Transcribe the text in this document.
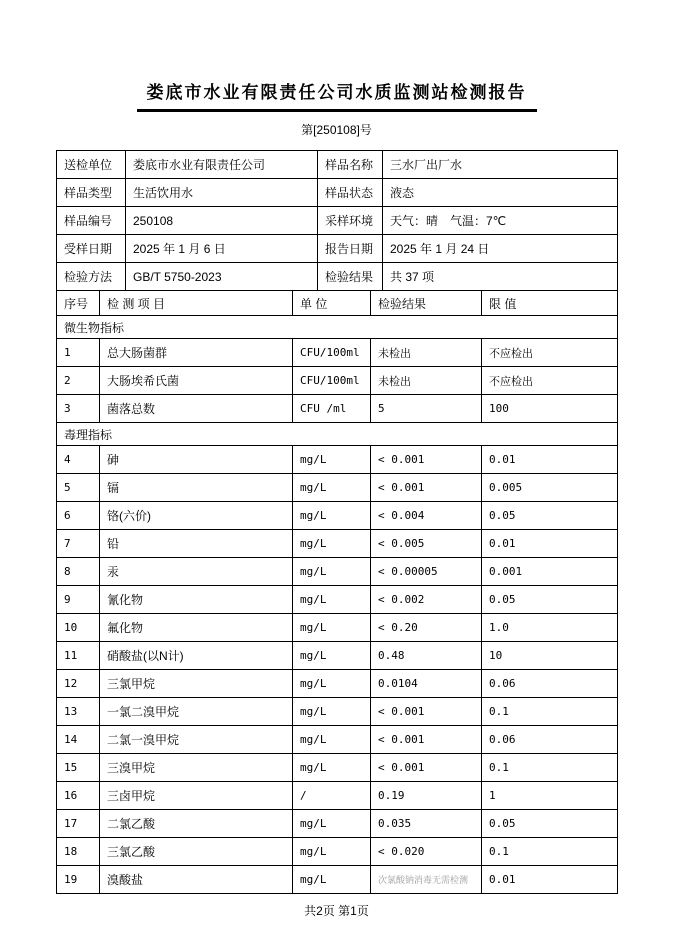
娄底市水业有限责任公司水质监测站检测报告
第[250108]号
送检单位	娄底市水业有限责任公司	样品名称	三水厂出厂水
样品类型	生活饮用水	样品状态	液态
样品编号	250108	采样环境	天气：晴　气温：7℃
受样日期	2025 年 1 月 6 日	报告日期	2025 年 1 月 24 日
检验方法	GB/T 5750-2023	检验结果	共 37 项
序号	检 测 项 目	单 位	检验结果	限 值
微生物指标				
1	总大肠菌群	CFU/100ml	未检出	不应检出
2	大肠埃希氏菌	CFU/100ml	未检出	不应检出
3	菌落总数	CFU /ml	5	100
毒理指标				
4	砷	mg/L	< 0.001	0.01
5	镉	mg/L	< 0.001	0.005
6	铬(六价)	mg/L	< 0.004	0.05
7	铅	mg/L	< 0.005	0.01
8	汞	mg/L	< 0.00005	0.001
9	氰化物	mg/L	< 0.002	0.05
10	氟化物	mg/L	< 0.20	1.0
11	硝酸盐(以N计)	mg/L	0.48	10
12	三氯甲烷	mg/L	0.0104	0.06
13	一氯二溴甲烷	mg/L	< 0.001	0.1
14	二氯一溴甲烷	mg/L	< 0.001	0.06
15	三溴甲烷	mg/L	< 0.001	0.1
16	三卤甲烷	/	0.19	1
17	二氯乙酸	mg/L	0.035	0.05
18	三氯乙酸	mg/L	< 0.020	0.1
19	溴酸盐	mg/L	次氯酸钠消毒无需检测	0.01
共2页 第1页
